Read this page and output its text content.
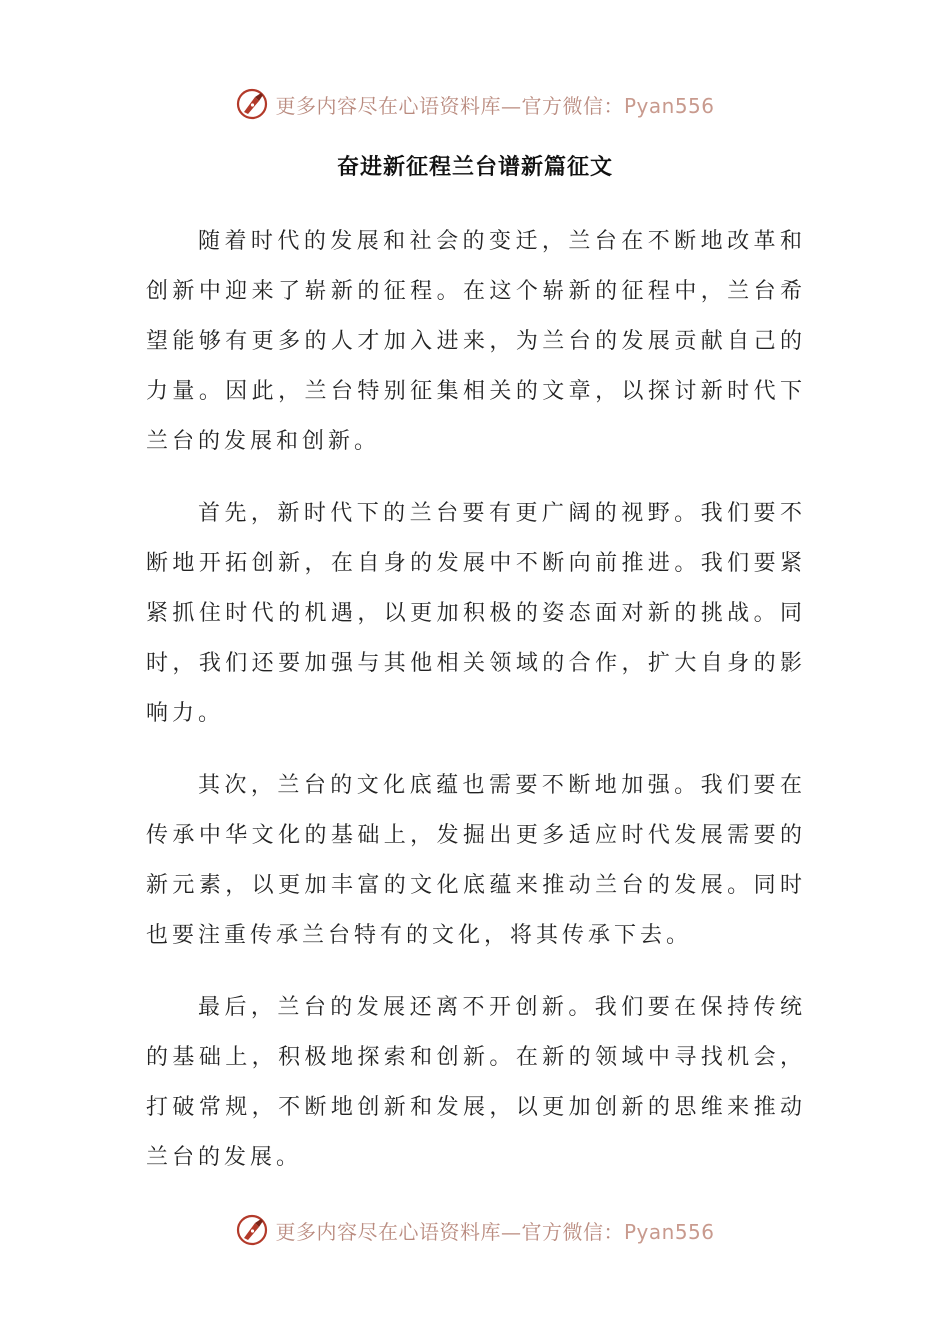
更多内容尽在心语资料库—官方微信：Pyan556
奋进新征程兰台谱新篇征文

随着时代的发展和社会的变迁，兰台在不断地改革和创新中迎来了崭新的征程。在这个崭新的征程中，兰台希望能够有更多的人才加入进来，为兰台的发展贡献自己的力量。因此，兰台特别征集相关的文章，以探讨新时代下兰台的发展和创新。

首先，新时代下的兰台要有更广阔的视野。我们要不断地开拓创新，在自身的发展中不断向前推进。我们要紧紧抓住时代的机遇，以更加积极的姿态面对新的挑战。同时，我们还要加强与其他相关领域的合作，扩大自身的影响力。

其次，兰台的文化底蕴也需要不断地加强。我们要在传承中华文化的基础上，发掘出更多适应时代发展需要的新元素，以更加丰富的文化底蕴来推动兰台的发展。同时也要注重传承兰台特有的文化，将其传承下去。

最后，兰台的发展还离不开创新。我们要在保持传统的基础上，积极地探索和创新。在新的领域中寻找机会，打破常规，不断地创新和发展，以更加创新的思维来推动兰台的发展。

更多内容尽在心语资料库—官方微信：Pyan556
